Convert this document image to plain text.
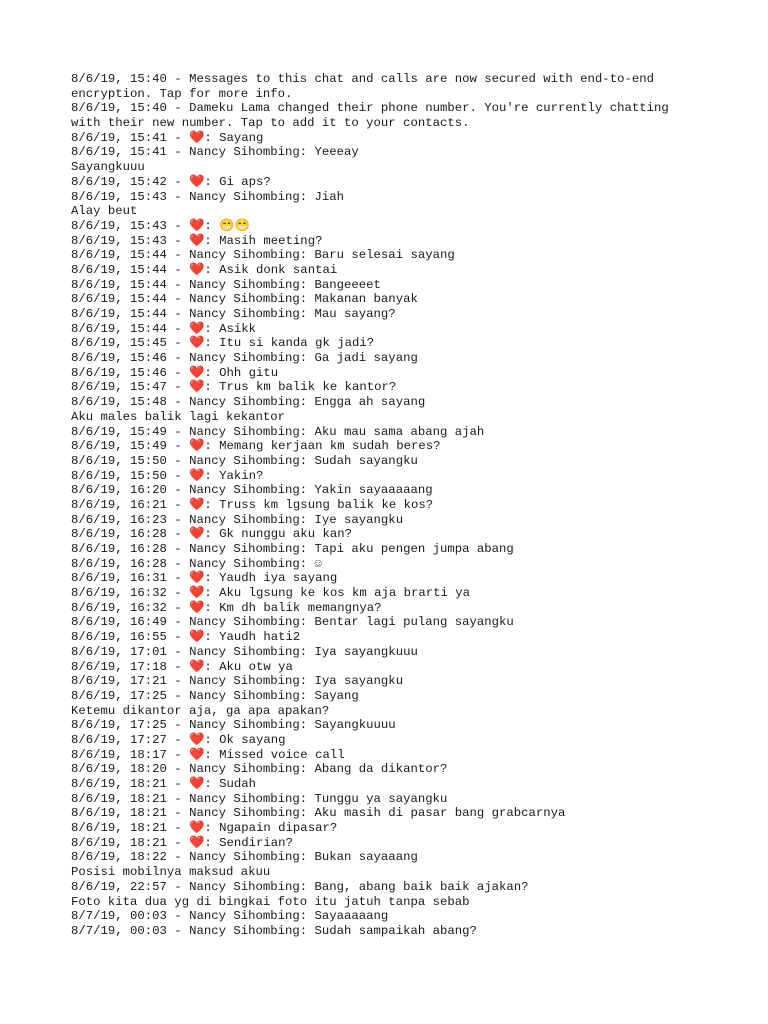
8/6/19, 15:40 - Messages to this chat and calls are now secured with end-to-end
encryption. Tap for more info.
8/6/19, 15:40 - Dameku Lama changed their phone number. You're currently chatting
with their new number. Tap to add it to your contacts.
8/6/19, 15:41 - ❤️: Sayang
8/6/19, 15:41 - Nancy Sihombing: Yeeeay
Sayangkuuu
8/6/19, 15:42 - ❤️: Gi aps?
8/6/19, 15:43 - Nancy Sihombing: Jiah
Alay beut
8/6/19, 15:43 - ❤️: 😁😁
8/6/19, 15:43 - ❤️: Masih meeting?
8/6/19, 15:44 - Nancy Sihombing: Baru selesai sayang
8/6/19, 15:44 - ❤️: Asik donk santai
8/6/19, 15:44 - Nancy Sihombing: Bangeeeet
8/6/19, 15:44 - Nancy Sihombing: Makanan banyak
8/6/19, 15:44 - Nancy Sihombing: Mau sayang?
8/6/19, 15:44 - ❤️: Asikk
8/6/19, 15:45 - ❤️: Itu si kanda gk jadi?
8/6/19, 15:46 - Nancy Sihombing: Ga jadi sayang
8/6/19, 15:46 - ❤️: Ohh gitu
8/6/19, 15:47 - ❤️: Trus km balik ke kantor?
8/6/19, 15:48 - Nancy Sihombing: Engga ah sayang
Aku males balik lagi kekantor
8/6/19, 15:49 - Nancy Sihombing: Aku mau sama abang ajah
8/6/19, 15:49 - ❤️: Memang kerjaan km sudah beres?
8/6/19, 15:50 - Nancy Sihombing: Sudah sayangku
8/6/19, 15:50 - ❤️: Yakin?
8/6/19, 16:20 - Nancy Sihombing: Yakin sayaaaaang
8/6/19, 16:21 - ❤️: Truss km lgsung balik ke kos?
8/6/19, 16:23 - Nancy Sihombing: Iye sayangku
8/6/19, 16:28 - ❤️: Gk nunggu aku kan?
8/6/19, 16:28 - Nancy Sihombing: Tapi aku pengen jumpa abang
8/6/19, 16:28 - Nancy Sihombing: ☺
8/6/19, 16:31 - ❤️: Yaudh iya sayang
8/6/19, 16:32 - ❤️: Aku lgsung ke kos km aja brarti ya
8/6/19, 16:32 - ❤️: Km dh balik memangnya?
8/6/19, 16:49 - Nancy Sihombing: Bentar lagi pulang sayangku
8/6/19, 16:55 - ❤️: Yaudh hati2
8/6/19, 17:01 - Nancy Sihombing: Iya sayangkuuu
8/6/19, 17:18 - ❤️: Aku otw ya
8/6/19, 17:21 - Nancy Sihombing: Iya sayangku
8/6/19, 17:25 - Nancy Sihombing: Sayang
Ketemu dikantor aja, ga apa apakan?
8/6/19, 17:25 - Nancy Sihombing: Sayangkuuuu
8/6/19, 17:27 - ❤️: Ok sayang
8/6/19, 18:17 - ❤️: Missed voice call
8/6/19, 18:20 - Nancy Sihombing: Abang da dikantor?
8/6/19, 18:21 - ❤️: Sudah
8/6/19, 18:21 - Nancy Sihombing: Tunggu ya sayangku
8/6/19, 18:21 - Nancy Sihombing: Aku masih di pasar bang grabcarnya
8/6/19, 18:21 - ❤️: Ngapain dipasar?
8/6/19, 18:21 - ❤️: Sendirian?
8/6/19, 18:22 - Nancy Sihombing: Bukan sayaaang
Posisi mobilnya maksud akuu
8/6/19, 22:57 - Nancy Sihombing: Bang, abang baik baik ajakan?
Foto kita dua yg di bingkai foto itu jatuh tanpa sebab
8/7/19, 00:03 - Nancy Sihombing: Sayaaaaang
8/7/19, 00:03 - Nancy Sihombing: Sudah sampaikah abang?
